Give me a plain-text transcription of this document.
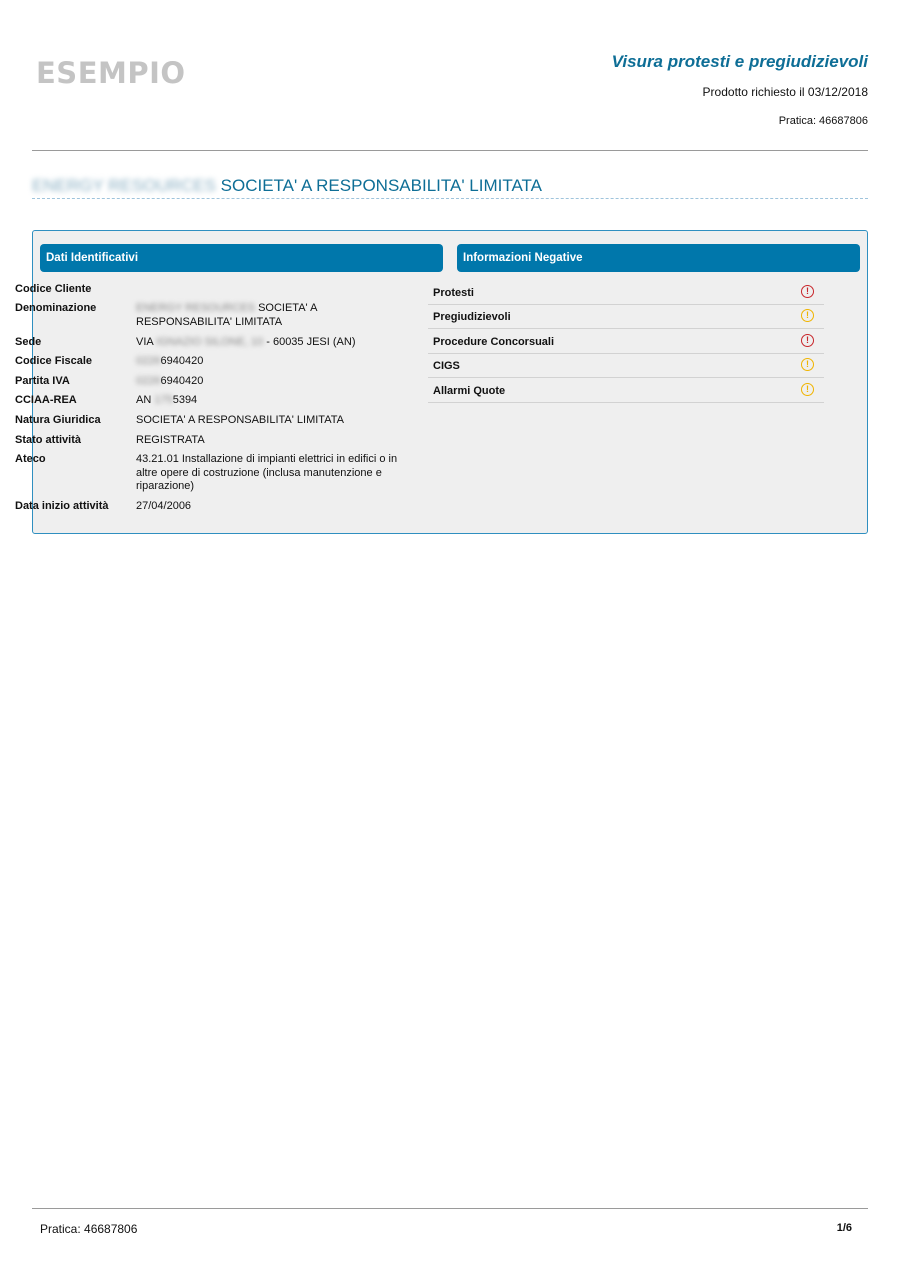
ESEMPIO	Visura protesti e pregiudizievoli
Prodotto richiesto il 03/12/2018
Pratica: 46687806
ENERGY RESOURCES SOCIETA' A RESPONSABILITA' LIMITATA
Dati Identificativi	Informazioni Negative
Codice Cliente
Denominazione	ENERGY RESOURCES SOCIETA' A RESPONSABILITA' LIMITATA
Sede	VIA IGNAZIO SILONE, 10 - 60035 JESI (AN)
Codice Fiscale	02266940420
Partita IVA	02266940420
CCIAA-REA	AN 1755394
Natura Giuridica	SOCIETA' A RESPONSABILITA' LIMITATA
Stato attività	REGISTRATA
Ateco	43.21.01 Installazione di impianti elettrici in edifici o in altre opere di costruzione (inclusa manutenzione e riparazione)
Data inizio attività	27/04/2006
Protesti	!
Pregiudizievoli	!
Procedure Concorsuali	!
CIGS	!
Allarmi Quote	!
Pratica: 46687806	1/6
